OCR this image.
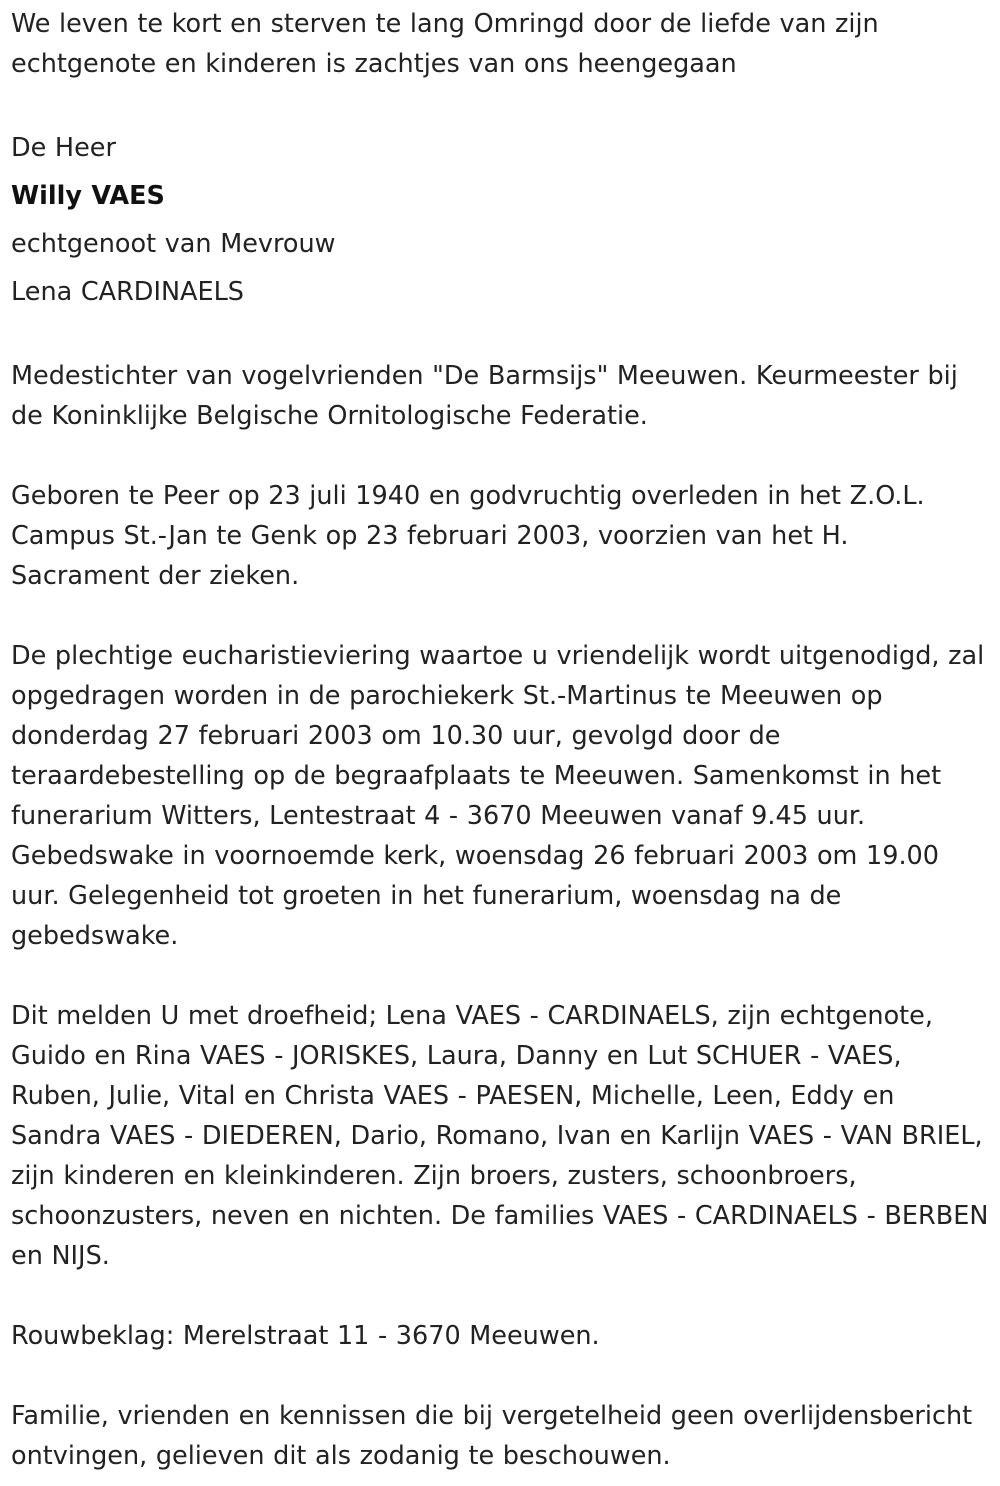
We leven te kort en sterven te lang Omringd door de liefde van zijn echtgenote en kinderen is zachtjes van ons heengegaan

De Heer

Willy VAES

echtgenoot van Mevrouw

Lena CARDINAELS

Medestichter van vogelvrienden "De Barmsijs" Meeuwen. Keurmeester bij de Koninklijke Belgische Ornitologische Federatie.

Geboren te Peer op 23 juli 1940 en godvruchtig overleden in het Z.O.L. Campus St.-Jan te Genk op 23 februari 2003, voorzien van het H. Sacrament der zieken.

De plechtige eucharistieviering waartoe u vriendelijk wordt uitgenodigd, zal opgedragen worden in de parochiekerk St.-Martinus te Meeuwen op donderdag 27 februari 2003 om 10.30 uur, gevolgd door de teraardebestelling op de begraafplaats te Meeuwen. Samenkomst in het funerarium Witters, Lentestraat 4 - 3670 Meeuwen vanaf 9.45 uur. Gebedswake in voornoemde kerk, woensdag 26 februari 2003 om 19.00 uur. Gelegenheid tot groeten in het funerarium, woensdag na de gebedswake.

Dit melden U met droefheid; Lena VAES - CARDINAELS, zijn echtgenote, Guido en Rina VAES - JORISKES, Laura, Danny en Lut SCHUER - VAES, Ruben, Julie, Vital en Christa VAES - PAESEN, Michelle, Leen, Eddy en Sandra VAES - DIEDEREN, Dario, Romano, Ivan en Karlijn VAES - VAN BRIEL, zijn kinderen en kleinkinderen. Zijn broers, zusters, schoonbroers, schoonzusters, neven en nichten. De families VAES - CARDINAELS - BERBEN en NIJS.

Rouwbeklag: Merelstraat 11 - 3670 Meeuwen.

Familie, vrienden en kennissen die bij vergetelheid geen overlijdensbericht ontvingen, gelieven dit als zodanig te beschouwen.
